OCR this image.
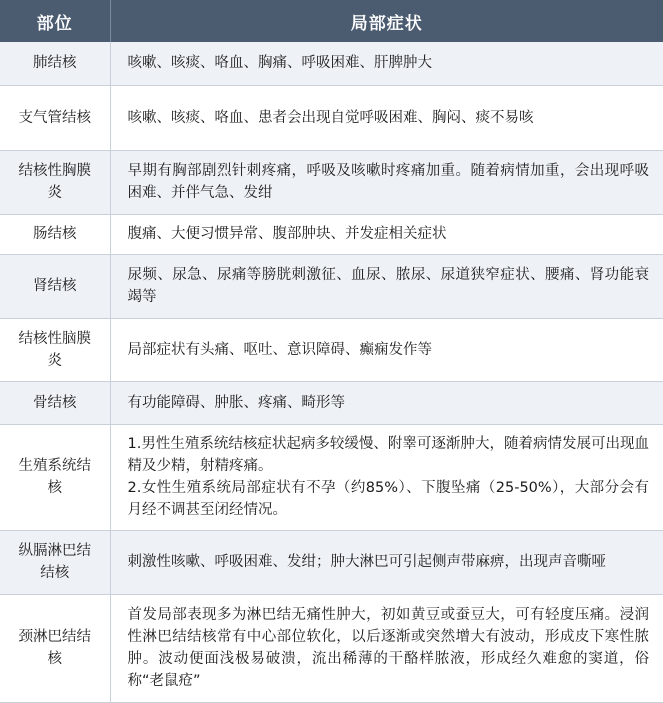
部位	局部症状
肺结核	咳嗽、咳痰、咯血、胸痛、呼吸困难、肝脾肿大
支气管结核	咳嗽、咳痰、咯血、患者会出现自觉呼吸困难、胸闷、痰不易咳
结核性胸膜炎	早期有胸部剧烈针刺疼痛，呼吸及咳嗽时疼痛加重。随着病情加重，会出现呼吸困难、并伴气急、发绀
肠结核	腹痛、大便习惯异常、腹部肿块、并发症相关症状
肾结核	尿频、尿急、尿痛等膀胱刺激征、血尿、脓尿、尿道狭窄症状、腰痛、肾功能衰竭等
结核性脑膜炎	局部症状有头痛、呕吐、意识障碍、癫痫发作等
骨结核	有功能障碍、肿胀、疼痛、畸形等
生殖系统结核	1.男性生殖系统结核症状起病多较缓慢、附睾可逐渐肿大，随着病情发展可出现血精及少精，射精疼痛。
2.女性生殖系统局部症状有不孕（约85%）、下腹坠痛（25-50%），大部分会有月经不调甚至闭经情况。

纵膈淋巴结结核	刺激性咳嗽、呼吸困难、发绀；肿大淋巴可引起侧声带麻痹，出现声音嘶哑
颈淋巴结结核	首发局部表现多为淋巴结无痛性肿大，初如黄豆或蚕豆大，可有轻度压痛。浸润性淋巴结结核常有中心部位软化，以后逐渐或突然增大有波动，形成皮下寒性脓肿。波动便面浅极易破溃，流出稀薄的干酪样脓液，形成经久难愈的窦道，俗称“老鼠疮”
